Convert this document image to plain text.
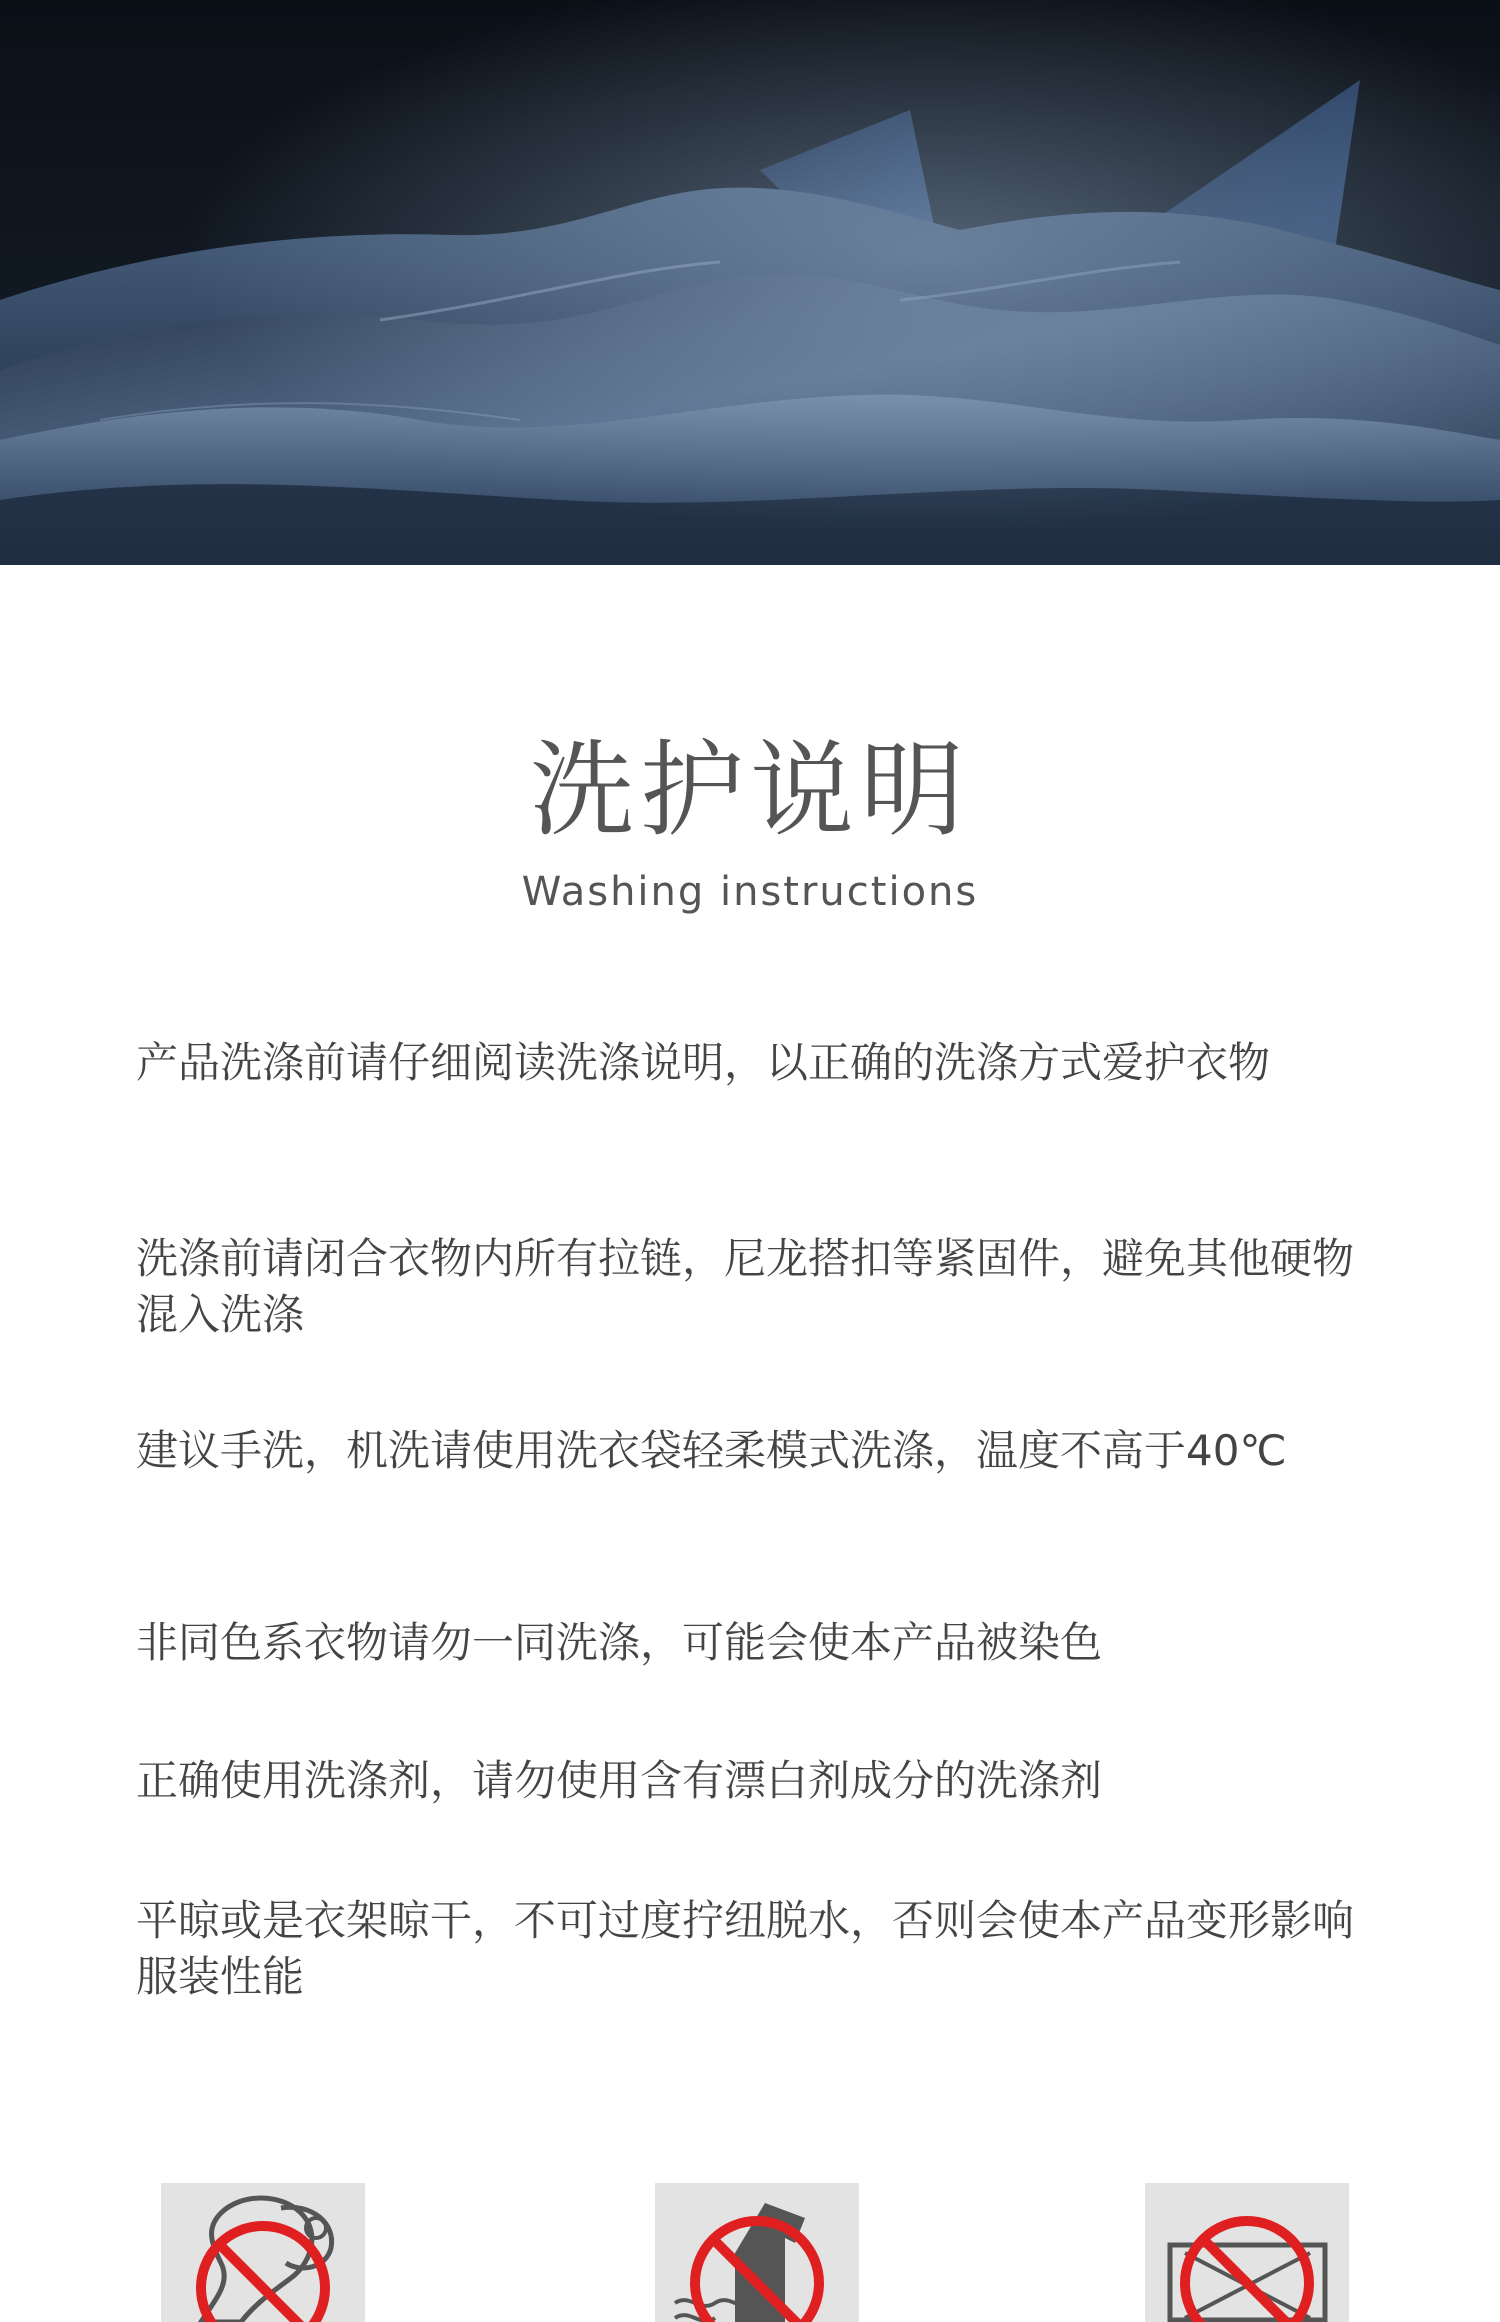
洗护说明
Washing instructions
产品洗涤前请仔细阅读洗涤说明，以正确的洗涤方式爱护衣物
洗涤前请闭合衣物内所有拉链，尼龙搭扣等紧固件，避免其他硬物混入洗涤
建议手洗，机洗请使用洗衣袋轻柔模式洗涤，温度不高于40℃
非同色系衣物请勿一同洗涤，可能会使本产品被染色
正确使用洗涤剂，请勿使用含有漂白剂成分的洗涤剂
平晾或是衣架晾干，不可过度拧纽脱水，否则会使本产品变形影响服装性能
